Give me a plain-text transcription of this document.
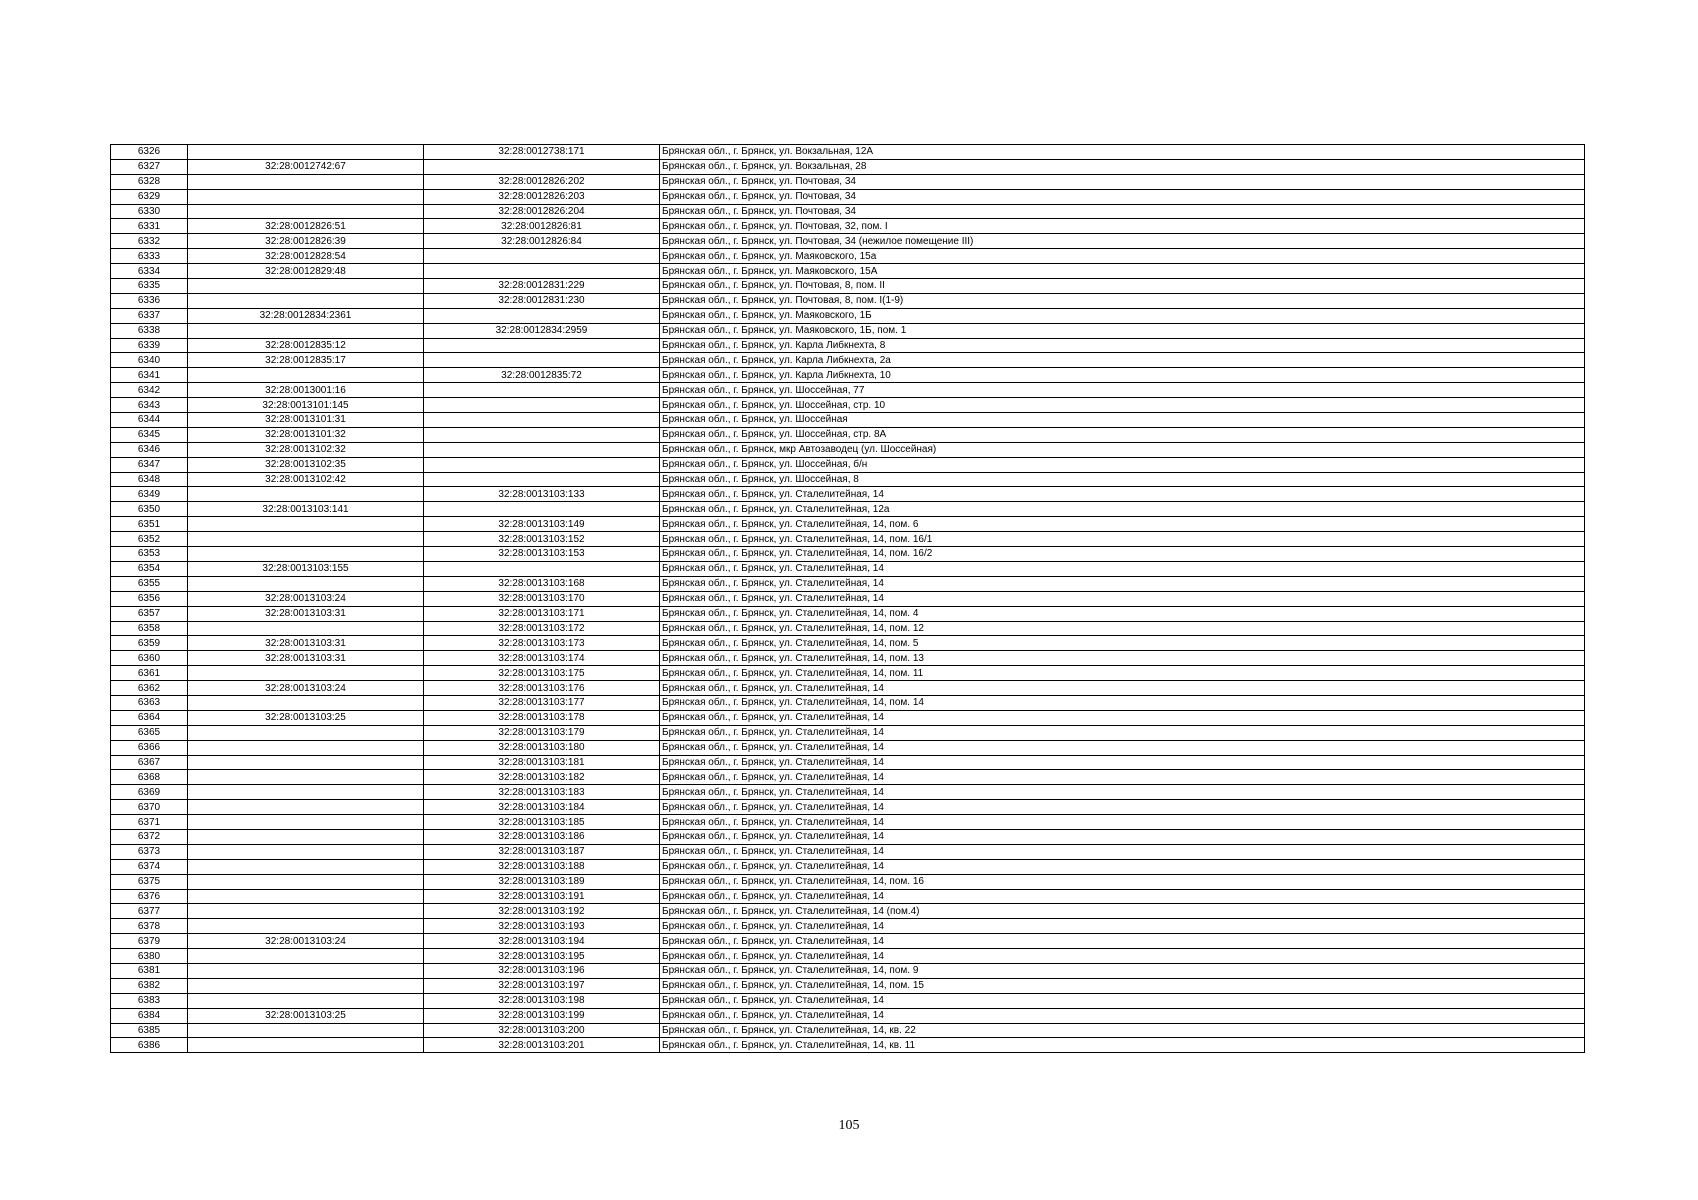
6326		32:28:0012738:171	Брянская обл., г. Брянск, ул. Вокзальная, 12А
6327	32:28:0012742:67		Брянская обл., г. Брянск, ул. Вокзальная, 28
6328		32:28:0012826:202	Брянская обл., г. Брянск, ул. Почтовая, 34
6329		32:28:0012826:203	Брянская обл., г. Брянск, ул. Почтовая, 34
6330		32:28:0012826:204	Брянская обл., г. Брянск, ул. Почтовая, 34
6331	32:28:0012826:51	32:28:0012826:81	Брянская обл., г. Брянск, ул. Почтовая, 32, пом. I
6332	32:28:0012826:39	32:28:0012826:84	Брянская обл., г. Брянск, ул. Почтовая, 34 (нежилое помещение III)
6333	32:28:0012828:54		Брянская обл., г. Брянск, ул. Маяковского, 15а
6334	32:28:0012829:48		Брянская обл., г. Брянск, ул. Маяковского, 15А
6335		32:28:0012831:229	Брянская обл., г. Брянск, ул. Почтовая, 8, пом. II
6336		32:28:0012831:230	Брянская обл., г. Брянск, ул. Почтовая, 8, пом. I(1-9)
6337	32:28:0012834:2361		Брянская обл., г. Брянск, ул. Маяковского, 1Б
6338		32:28:0012834:2959	Брянская обл., г. Брянск, ул. Маяковского, 1Б, пом. 1
6339	32:28:0012835:12		Брянская обл., г. Брянск, ул. Карла Либкнехта, 8
6340	32:28:0012835:17		Брянская обл., г. Брянск, ул. Карла Либкнехта, 2а
6341		32:28:0012835:72	Брянская обл., г. Брянск, ул. Карла Либкнехта, 10
6342	32:28:0013001:16		Брянская обл., г. Брянск, ул. Шоссейная, 77
6343	32:28:0013101:145		Брянская обл., г. Брянск, ул. Шоссейная, стр. 10
6344	32:28:0013101:31		Брянская обл., г. Брянск, ул. Шоссейная
6345	32:28:0013101:32		Брянская обл., г. Брянск, ул. Шоссейная, стр. 8А
6346	32:28:0013102:32		Брянская обл., г. Брянск, мкр Автозаводец (ул. Шоссейная)
6347	32:28:0013102:35		Брянская обл., г. Брянск, ул. Шоссейная, б/н
6348	32:28:0013102:42		Брянская обл., г. Брянск, ул. Шоссейная, 8
6349		32:28:0013103:133	Брянская обл., г. Брянск, ул. Сталелитейная, 14
6350	32:28:0013103:141		Брянская обл., г. Брянск, ул. Сталелитейная, 12а
6351		32:28:0013103:149	Брянская обл., г. Брянск, ул. Сталелитейная, 14, пом. 6
6352		32:28:0013103:152	Брянская обл., г. Брянск, ул. Сталелитейная, 14, пом. 16/1
6353		32:28:0013103:153	Брянская обл., г. Брянск, ул. Сталелитейная, 14, пом. 16/2
6354	32:28:0013103:155		Брянская обл., г. Брянск, ул. Сталелитейная, 14
6355		32:28:0013103:168	Брянская обл., г. Брянск, ул. Сталелитейная, 14
6356	32:28:0013103:24	32:28:0013103:170	Брянская обл., г. Брянск, ул. Сталелитейная, 14
6357	32:28:0013103:31	32:28:0013103:171	Брянская обл., г. Брянск, ул. Сталелитейная, 14, пом. 4
6358		32:28:0013103:172	Брянская обл., г. Брянск, ул. Сталелитейная, 14, пом. 12
6359	32:28:0013103:31	32:28:0013103:173	Брянская обл., г. Брянск, ул. Сталелитейная, 14, пом. 5
6360	32:28:0013103:31	32:28:0013103:174	Брянская обл., г. Брянск, ул. Сталелитейная, 14, пом. 13
6361		32:28:0013103:175	Брянская обл., г. Брянск, ул. Сталелитейная, 14, пом. 11
6362	32:28:0013103:24	32:28:0013103:176	Брянская обл., г. Брянск, ул. Сталелитейная, 14
6363		32:28:0013103:177	Брянская обл., г. Брянск, ул. Сталелитейная, 14, пом. 14
6364	32:28:0013103:25	32:28:0013103:178	Брянская обл., г. Брянск, ул. Сталелитейная, 14
6365		32:28:0013103:179	Брянская обл., г. Брянск, ул. Сталелитейная, 14
6366		32:28:0013103:180	Брянская обл., г. Брянск, ул. Сталелитейная, 14
6367		32:28:0013103:181	Брянская обл., г. Брянск, ул. Сталелитейная, 14
6368		32:28:0013103:182	Брянская обл., г. Брянск, ул. Сталелитейная, 14
6369		32:28:0013103:183	Брянская обл., г. Брянск, ул. Сталелитейная, 14
6370		32:28:0013103:184	Брянская обл., г. Брянск, ул. Сталелитейная, 14
6371		32:28:0013103:185	Брянская обл., г. Брянск, ул. Сталелитейная, 14
6372		32:28:0013103:186	Брянская обл., г. Брянск, ул. Сталелитейная, 14
6373		32:28:0013103:187	Брянская обл., г. Брянск, ул. Сталелитейная, 14
6374		32:28:0013103:188	Брянская обл., г. Брянск, ул. Сталелитейная, 14
6375		32:28:0013103:189	Брянская обл., г. Брянск, ул. Сталелитейная, 14, пом. 16
6376		32:28:0013103:191	Брянская обл., г. Брянск, ул. Сталелитейная, 14
6377		32:28:0013103:192	Брянская обл., г. Брянск, ул. Сталелитейная, 14 (пом.4)
6378		32:28:0013103:193	Брянская обл., г. Брянск, ул. Сталелитейная, 14
6379	32:28:0013103:24	32:28:0013103:194	Брянская обл., г. Брянск, ул. Сталелитейная, 14
6380		32:28:0013103:195	Брянская обл., г. Брянск, ул. Сталелитейная, 14
6381		32:28:0013103:196	Брянская обл., г. Брянск, ул. Сталелитейная, 14, пом. 9
6382		32:28:0013103:197	Брянская обл., г. Брянск, ул. Сталелитейная, 14, пом. 15
6383		32:28:0013103:198	Брянская обл., г. Брянск, ул. Сталелитейная, 14
6384	32:28:0013103:25	32:28:0013103:199	Брянская обл., г. Брянск, ул. Сталелитейная, 14
6385		32:28:0013103:200	Брянская обл., г. Брянск, ул. Сталелитейная, 14, кв. 22
6386		32:28:0013103:201	Брянская обл., г. Брянск, ул. Сталелитейная, 14, кв. 11
105
